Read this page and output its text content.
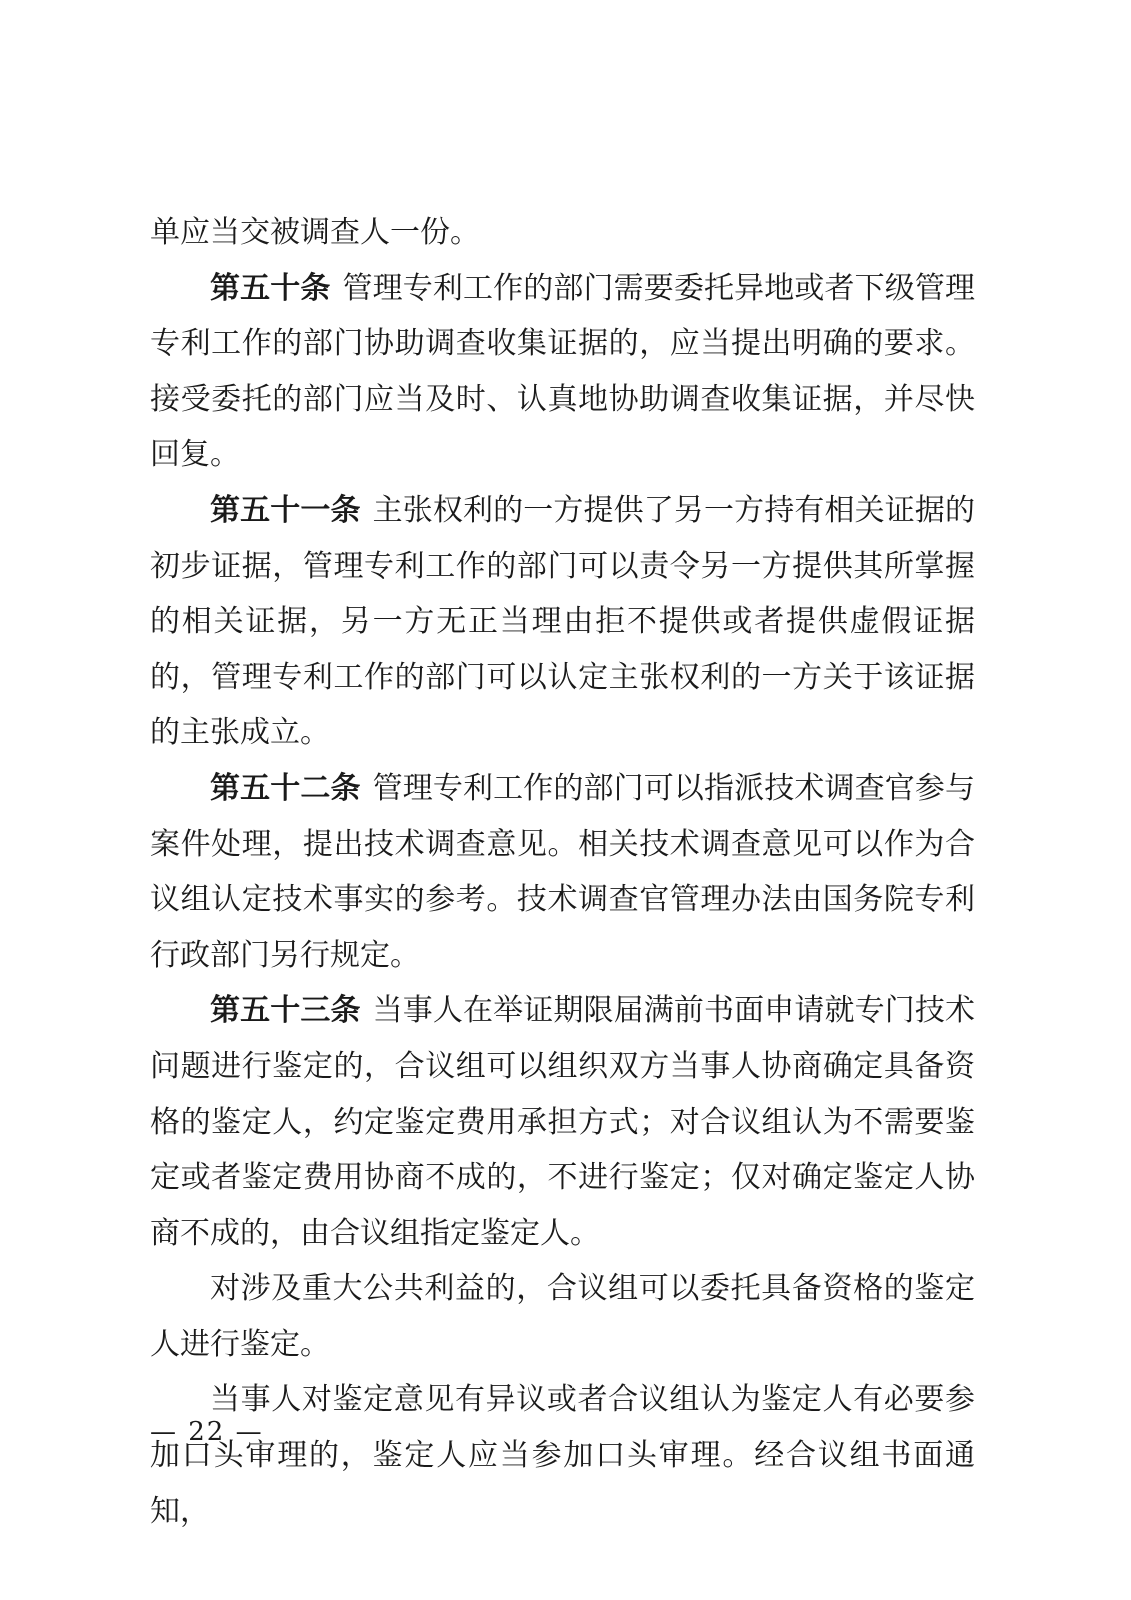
单应当交被调查人一份。

第五十条 管理专利工作的部门需要委托异地或者下级管理专利工作的部门协助调查收集证据的，应当提出明确的要求。接受委托的部门应当及时、认真地协助调查收集证据，并尽快回复。

第五十一条 主张权利的一方提供了另一方持有相关证据的初步证据，管理专利工作的部门可以责令另一方提供其所掌握的相关证据，另一方无正当理由拒不提供或者提供虚假证据的，管理专利工作的部门可以认定主张权利的一方关于该证据的主张成立。

第五十二条 管理专利工作的部门可以指派技术调查官参与案件处理，提出技术调查意见。相关技术调查意见可以作为合议组认定技术事实的参考。技术调查官管理办法由国务院专利行政部门另行规定。

第五十三条 当事人在举证期限届满前书面申请就专门技术问题进行鉴定的，合议组可以组织双方当事人协商确定具备资格的鉴定人，约定鉴定费用承担方式；对合议组认为不需要鉴定或者鉴定费用协商不成的，不进行鉴定；仅对确定鉴定人协商不成的，由合议组指定鉴定人。

对涉及重大公共利益的，合议组可以委托具备资格的鉴定人进行鉴定。

当事人对鉴定意见有异议或者合议组认为鉴定人有必要参加口头审理的，鉴定人应当参加口头审理。经合议组书面通知，

— 22 —
